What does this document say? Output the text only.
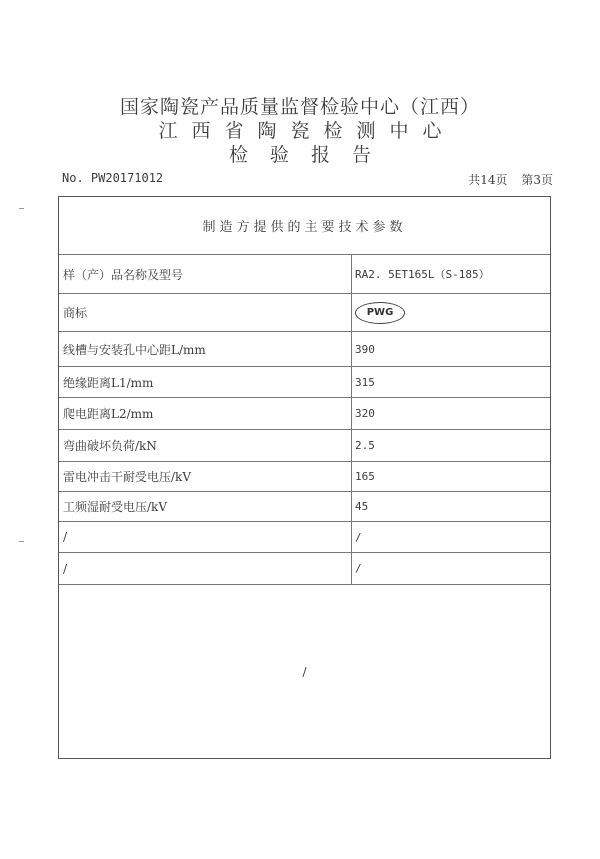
国家陶瓷产品质量监督检验中心（江西）
江西省陶瓷检测中心
检验报告
No. PW20171012	共14页 第3页
制造方提供的主要技术参数
样（产）品名称及型号	RA2. 5ET165L（S-185）
商标	PWG
线槽与安装孔中心距L/mm	390
绝缘距离L1/mm	315
爬电距离L2/mm	320
弯曲破坏负荷/kN	2.5
雷电冲击干耐受电压/kV	165
工频湿耐受电压/kV	45
/	/
/	/
/
